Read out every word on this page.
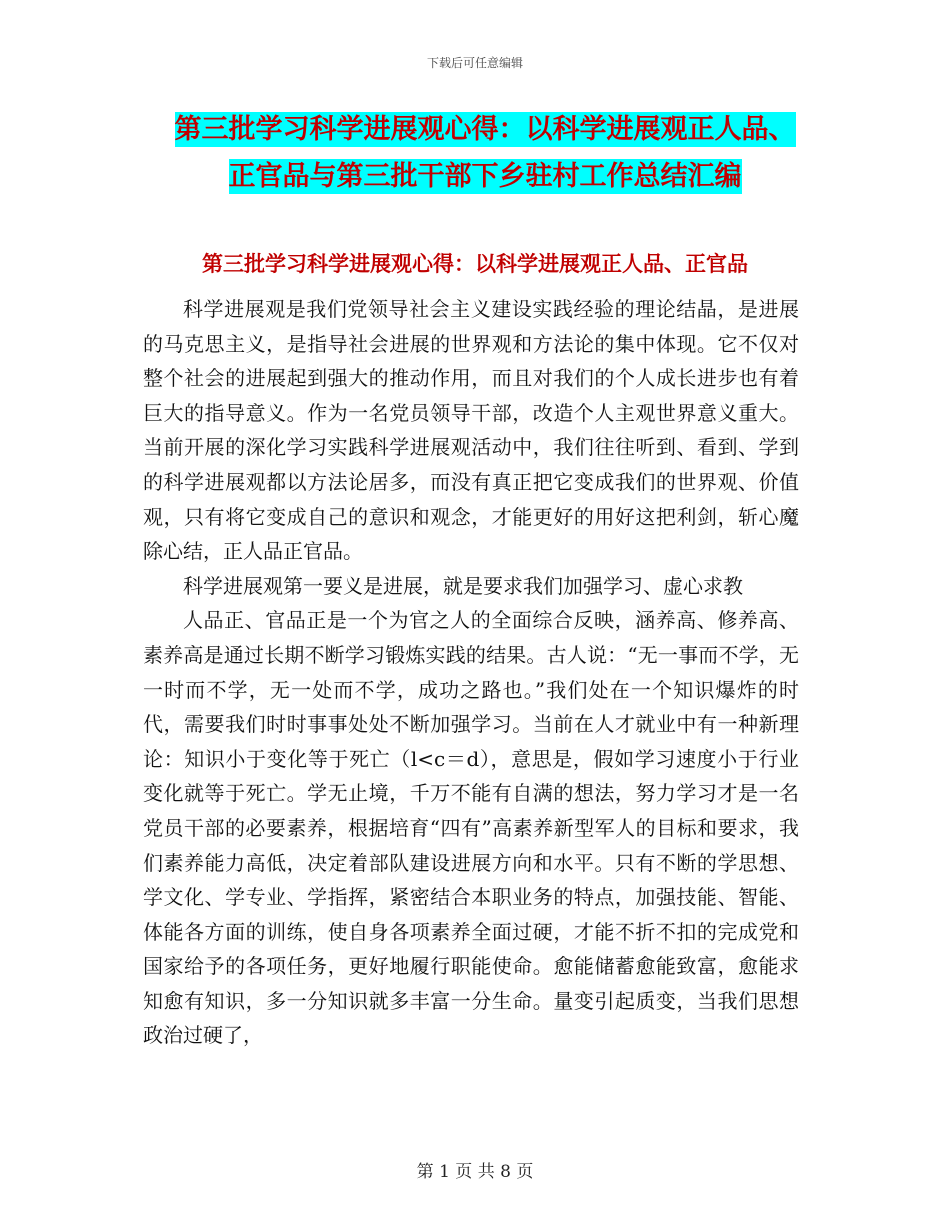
下载后可任意编辑
第三批学习科学进展观心得：以科学进展观正人品、
正官品与第三批干部下乡驻村工作总结汇编
第三批学习科学进展观心得：以科学进展观正人品、正官品

科学进展观是我们党领导社会主义建设实践经验的理论结晶，是进展的马克思主义，是指导社会进展的世界观和方法论的集中体现。它不仅对整个社会的进展起到强大的推动作用，而且对我们的个人成长进步也有着巨大的指导意义。作为一名党员领导干部，改造个人主观世界意义重大。当前开展的深化学习实践科学进展观活动中，我们往往听到、看到、学到的科学进展观都以方法论居多，而没有真正把它变成我们的世界观、价值观，只有将它变成自己的意识和观念，才能更好的用好这把利剑，斩心魔除心结，正人品正官品。

科学进展观第一要义是进展，就是要求我们加强学习、虚心求教

人品正、官品正是一个为官之人的全面综合反映，涵养高、修养高、素养高是通过长期不断学习锻炼实践的结果。古人说：“无一事而不学，无一时而不学，无一处而不学，成功之路也。”我们处在一个知识爆炸的时代，需要我们时时事事处处不断加强学习。当前在人才就业中有一种新理论：知识小于变化等于死亡（l<c＝d），意思是，假如学习速度小于行业变化就等于死亡。学无止境，千万不能有自满的想法，努力学习才是一名党员干部的必要素养，根据培育“四有”高素养新型军人的目标和要求，我们素养能力高低，决定着部队建设进展方向和水平。只有不断的学思想、学文化、学专业、学指挥，紧密结合本职业务的特点，加强技能、智能、体能各方面的训练，使自身各项素养全面过硬，才能不折不扣的完成党和国家给予的各项任务，更好地履行职能使命。愈能储蓄愈能致富，愈能求知愈有知识，多一分知识就多丰富一分生命。量变引起质变，当我们思想政治过硬了，

第 1 页 共 8 页
